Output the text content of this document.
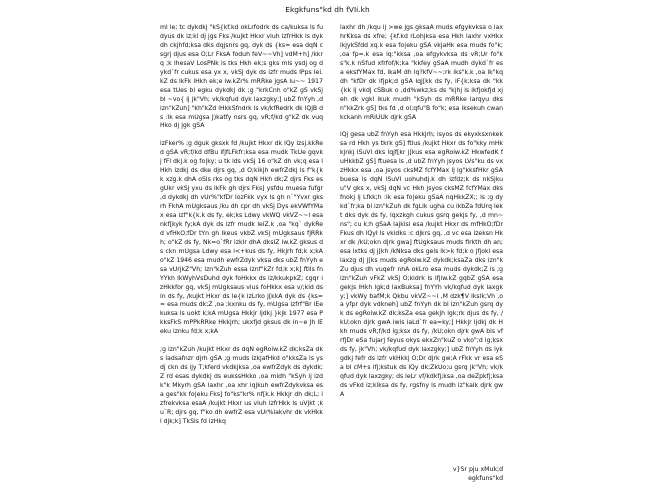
Ekgkfuns"kd dh fVIi.kh

ml le; tc dykdkj "kS{kf.kd okLrfodrk ds ca/kuksa ls fudyus dk iz;kl dj jgs Fks /kujkt Hkxr viuh izfrHkk ls dyk dh ckjhfd;ksa dks dqjsnrs gq, dyk ds {ks= esa dqN csgrj djus esa O;Lr FksA foduh feV~~Vh] vdM+h] /kkrq ;k lhesaV LosPNk ls tks Hkh ek;s gks mls ysdj og dykd`fr cukus esa yx x, vkSj dyk ds izfr muds IPps lei.kZ ds lkFk lHkh ek;e iw.kZr% mRRke jgsA lu~~ 1917 esa tUes bl egku dykdkj dk ;g "krkCnh o"kZ gS vkSj bl ~vo{ ij jk"Vh; vk/kqfud dyk laxzgky;] ubZ fnYyh ,d izn"kZuh] "kh"kZd lHkkSfndrk ls vk/kfRedrk dk lQjB ds :lk esa mUgsa J)katfy nsrs gq, vR;f/kd g"kZ dk vuqHko dj jgk gSA

izFker% ;g dguk gksxk fd /kujkt Hkxr dk lQy izsj.kkRed gSA vR;f/kd dfBu ifjfLFkfr;ksa esa mudk TkUe gqvkj fFl dkj.k og fo|ky; u tk lds vkSj 16 o"kZ dh vk;q esa lHkh izdkj ds dke djrs gq, ,d O;kikjh ewfrZdkj ls f"k{kk xzg.k dhA oSls rks og tks dqN Hkh dk;Z djrs Fks esgUkr vkSj yxu ds lkFk gh djrs Fks] ysfdu muesa fufgr ,d dykdkj dh vUr%"kfDr lozFkk vyx ls gh n`"Yvxr gksrh FkhA mUgksaus /ku dh cpr dh vkSj Dys ekVWfYMax esa izf"k{k.k ds fy, ek;ks Ldwy vkWQ vkVZ~~l esa nkf[kyk fy;kA dyk ds izfr mudk leiZ.k ,oa "kq` dykRed vfHkO;fDr tYn gh lkeus vkbZ vkSj mUgksaus fjRRkh; o"kZ ds fy, Nk=o`fRr izkIr dhA dksIZ iw.kZ gksus ds ckn mUgsa Ldwy esa i<+kus ds fy, Hkjrh fd;k x;kA o"kZ 1946 esa mudh ewfrZdyk vksa dks ubZ fnYyh esa vUrjkZ"Vh; izn"kZuh essa iznf"kZr fd;k x;k] ftlls fnYYkh lkWyhVsDuhd dyk foHkkx ds iz/kkukpkZ; cgqr izHkkfor gq, vkSj mUgksaus vius foHkkx esa v/;kid ds in ds fy, /kujkt Hkxr ds le{k izLrko j[kkA dyk ds {ks== esa muds dk;Z ,oa ;kxnku ds fy, mUgsa izfrf"Br lEekuksa ls uokt k;kA mUgsa Hkkjr ljdkj }kjk 1977 esa PkksFkS mPPkRRke Hkkjrh; ukxfjd gksus dk in~e Jh lEeku iznku fd;k x;kA

;g izn"kZuh /kujkt Hkxr ds dqN egRoiw.kZ dk;ksZa dks ladsafnzr djrh gSA ;g muds izkjafHkd o"kksZa ls ysdj ckn ds ijy T;kferd vkdkjksa ,oa ewfrZdyk ds dykdk;Z rd esas dykdkj ds eukssHkko ,oa midh "kSyh ij izdk"k Mkyrh gSA laxhr ,oa xhr iqjkuh ewfrZdykvksa esa ges"kk fo|eku Fks] fo"ks"kr% nf[k.k Hkkjr dh dk;L; izfrekvksa esaA /kujkt Hkxr us viuh izfrHkk ls uVjkt ;k u`R; djrs gq, f"ko dh ewfrZ esa vUr%lakvhr dk vkHkkl djk;k] TkSls fd izHkq

laxhr dh /kqu ij >we jgs gksaA muds efgykvksa o laxhrKksa ds xfre; {kf.kd rLohjksa esa Hkh laxhr vxHkx ikjykSfdd xq.k esa fo|eku gSA vkjaHk esa muds fo"k; ,oa fp=.k esa iq:"kksa ,oa efgykvksa ds vR;Ur fo"ks"k.k nSfud xfrfof/k;ka "kkfey gSaA mudh dykd`fr esa eksfYMax fd, lkaM dh lq?kfV~~;rk iks"k.k ,oa lk"kq dh "kfDr dk ifjpk;d gSA lqj[kk ds fy, iF{k;ksa dk "kk{kk ij vkdj cSBuk o ,dd%wkz;ks ds "kjhj ls ikfjokfjd xjeh dk vgkl ikuk mudh "kSyh ds mRRke larqyu dks n"kkZrk gS] tks fd ,d ol;qfu"B fo"k; esa iksekuh cwankckanh mRiUUk djrk gSA

iQj gesa ubZ fnYyh esa Hkkjrh; isyos ds ekyxksxnkeksa rd Hkh ys tkrk gS] ftlus /kujkt Hkxr ds fo"kky mHkkjnkj lSuVl dks lqjf[kr j[kus esa egRoiw.kZ HkwfedK fuHkkbZ gS] ftuesa ls ,d ubZ fnYyh jsyos LVs"ku ds vxzHkkx esa ,oa jsyos cksMZ fcfYMax lj lg"kksfHkr gSA buesa ls dqN lSuVI uohuhdj.k dh izfdz;k ds nkSjku u"V gks x, vkSj dqN vc Hkh jsyos cksMZ fcfYMax dks fnokj ij Lfkk;h :lk esa fo|eku gSaA nqHkkZX;; ls ;g dykd`fr;ka bl izn"kZuh dk fgLlk ugha cu ikbZa fdUrq lekt dks dyk ds fy, lqxzkgh cukus gsrq gekjs fy, ,d mn~ns"; cu k;h gSaA lajkisi esa /kujkt Hkxr ds mfHkO;fDr Fkus dh lQyI ls vkidks :c djkrs gq, ,d vc esa izeksn Hkxr dk /kU;okn djrk gwa] ftUgksaus muds firkth dh an; esa lxtks dj j[kh /kNksa dks gels lk>k fd;k o jfjoki esa laxzg dj j[ks muds egRoiw.kZ dykdk;ksaZa dks izn"kZu djus dh vuqefr nhA okLro esa muds dykdk;Z is ;g izn"kZuh vFkZ vkSj O;kidrk ls ifjiw.kZ gqbZ gSA esa gekjs lHkh lgk;d laxBuksa] fnYYh vk/kqfud dyk laxgky;] vkWy bafM;k Qkbu vkVZ~~l ,M dzk¶V lkslk;Vh ,oa yfpr dyk vdkneh] ubZ fnYyh dk bl izn"kZuh gsrq dyk ds egRoiw.kZ dk;ksZa esa gekjh lgk;rk djus ds fy, /kU;okn djrk gwA iwis laLd`fr ea=ky;] Hkkjr ljdkj dk Hkh muds vR;f/kd lg;ksx ds fy, /kU;okn djrk gwA bls vfrfjDr eSa fujarj feyus okys ekxZn"kuZ o vko";d lg;ksx ds fy, jk"Vh; vk/kqfud dyk laxzgky;] ubZ fnYyh ds lykgdkj fefr ds izfr vkHkkj O;Dr djrk gw;A rFkk vr esa eSa bl cM+s ifj;kstuk ds lQy dk;ZkUo;u gsrq jk"Vh; vk/kqfud dyk laxzgky; ds leLr vf/kdkfj;ksa ,oa deZpkfj;ksa ds vFkd iz;klksa ds fy, rgsfny ls mudh iz"kalk djrk gwA

v}Sr pju xMuk;d
egkfuns"kd
